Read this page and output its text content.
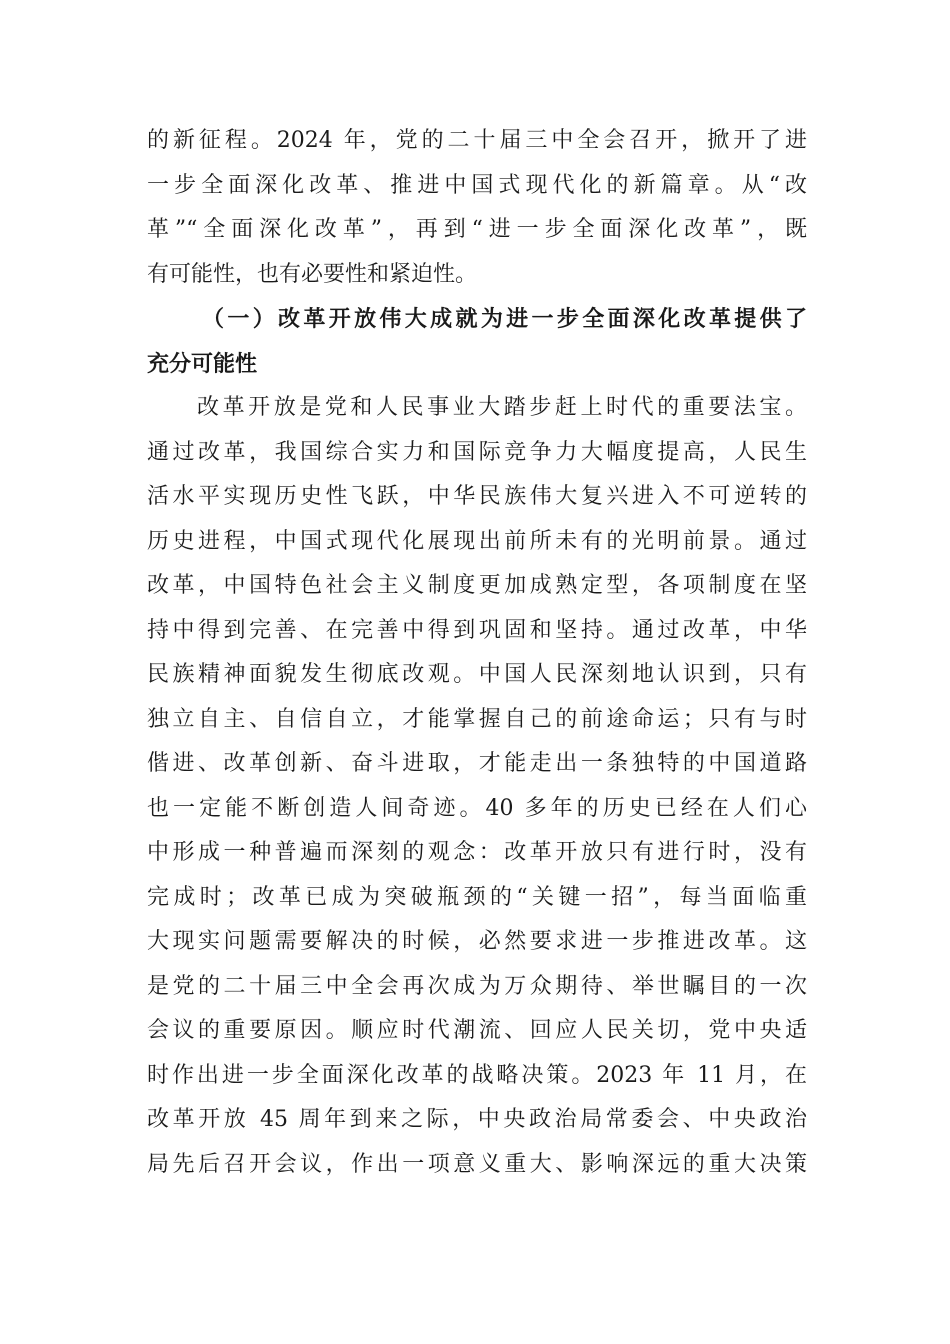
的新征程。2024 年，党的二十届三中全会召开，掀开了进
一步全面深化改革、推进中国式现代化的新篇章。从“改
革”“全面深化改革”，再到“进一步全面深化改革”，既
有可能性，也有必要性和紧迫性。
（一）改革开放伟大成就为进一步全面深化改革提供了
充分可能性
改革开放是党和人民事业大踏步赶上时代的重要法宝。
通过改革，我国综合实力和国际竞争力大幅度提高，人民生
活水平实现历史性飞跃，中华民族伟大复兴进入不可逆转的
历史进程，中国式现代化展现出前所未有的光明前景。通过
改革，中国特色社会主义制度更加成熟定型，各项制度在坚
持中得到完善、在完善中得到巩固和坚持。通过改革，中华
民族精神面貌发生彻底改观。中国人民深刻地认识到，只有
独立自主、自信自立，才能掌握自己的前途命运；只有与时
偕进、改革创新、奋斗进取，才能走出一条独特的中国道路
也一定能不断创造人间奇迹。40 多年的历史已经在人们心
中形成一种普遍而深刻的观念：改革开放只有进行时，没有
完成时；改革已成为突破瓶颈的“关键一招”，每当面临重
大现实问题需要解决的时候，必然要求进一步推进改革。这
是党的二十届三中全会再次成为万众期待、举世瞩目的一次
会议的重要原因。顺应时代潮流、回应人民关切，党中央适
时作出进一步全面深化改革的战略决策。2023 年 11 月，在
改革开放 45 周年到来之际，中央政治局常委会、中央政治
局先后召开会议，作出一项意义重大、影响深远的重大决策
